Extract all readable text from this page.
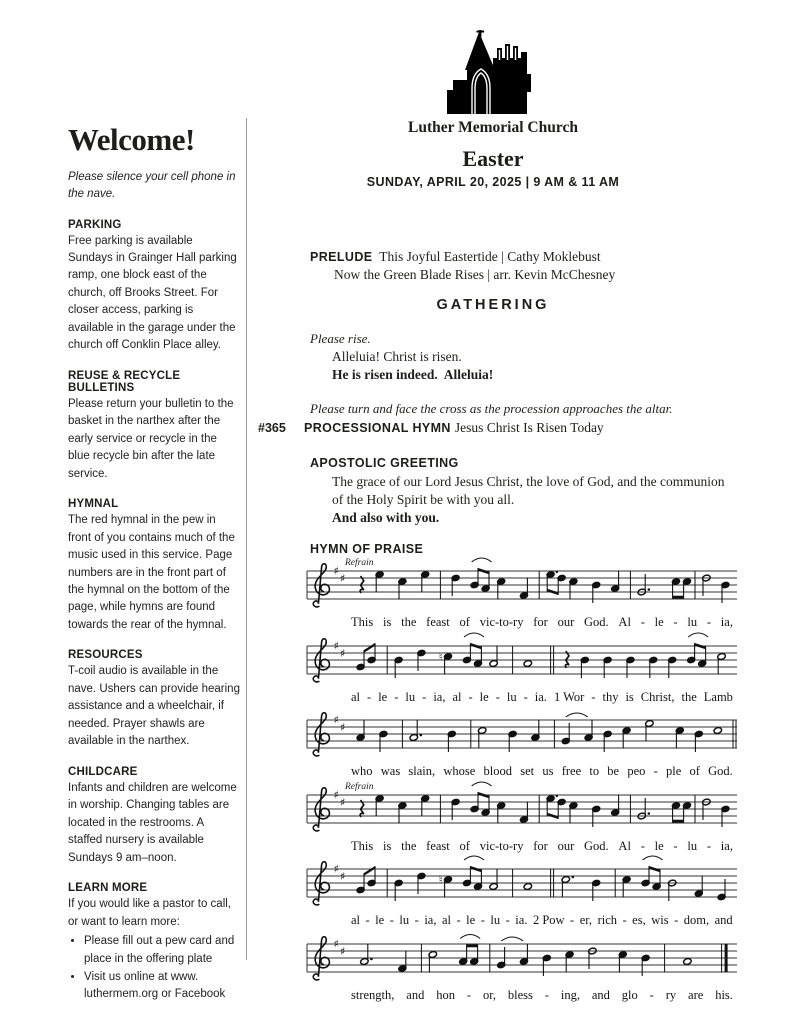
Welcome!
Please silence your cell phone in the nave.
PARKING
Free parking is available Sundays in Grainger Hall parking ramp, one block east of the church, off Brooks Street. For closer access, parking is available in the garage under the church off Conklin Place alley.
REUSE & RECYCLE BULLETINS
Please return your bulletin to the basket in the narthex after the early service or recycle in the blue recycle bin after the late service.
HYMNAL
The red hymnal in the pew in front of you contains much of the music used in this service. Page numbers are in the front part of the hymnal on the bottom of the page, while hymns are found towards the rear of the hymnal.
RESOURCES
T-coil audio is available in the nave. Ushers can provide hearing assistance and a wheelchair, if needed. Prayer shawls are available in the narthex.
CHILDCARE
Infants and children are welcome in worship. Changing tables are located in the restrooms. A staffed nursery is available Sundays 9 am–noon.
LEARN MORE
If you would like a pastor to call, or want to learn more:
• Please fill out a pew card and place in the offering plate
• Visit us online at www. luthermem.org or Facebook
Luther Memorial Church
Easter
SUNDAY, APRIL 20, 2025 | 9 AM & 11 AM
PRELUDE This Joyful Eastertide | Cathy Moklebust
Now the Green Blade Rises | arr. Kevin McChesney
GATHERING
Please rise.
Alleluia! Christ is risen.
He is risen indeed.  Alleluia!
Please turn and face the cross as the procession approaches the altar.
#365 PROCESSIONAL HYMN Jesus Christ Is Risen Today
APOSTOLIC GREETING
The grace of our Lord Jesus Christ, the love of God, and the communion of the Holy Spirit be with you all.
And also with you.
HYMN OF PRAISE
♯
♯
Refrain
This is the feast of vic-to-ry for our God. Al - le - lu - ia,
♯
♯	♮
al - le - lu - ia, al - le - lu - ia. 1 Wor - thy is Christ, the Lamb
♯
♯
who was slain, whose blood set us free to be peo - ple of God.
♯
♯
Refrain
This is the feast of vic-to-ry for our God. Al - le - lu - ia,
♯
♯	♮
al - le - lu - ia, al - le - lu - ia. 2 Pow - er, rich - es, wis - dom, and
♯
♯
strength, and hon - or, bless - ing, and glo - ry are his.
